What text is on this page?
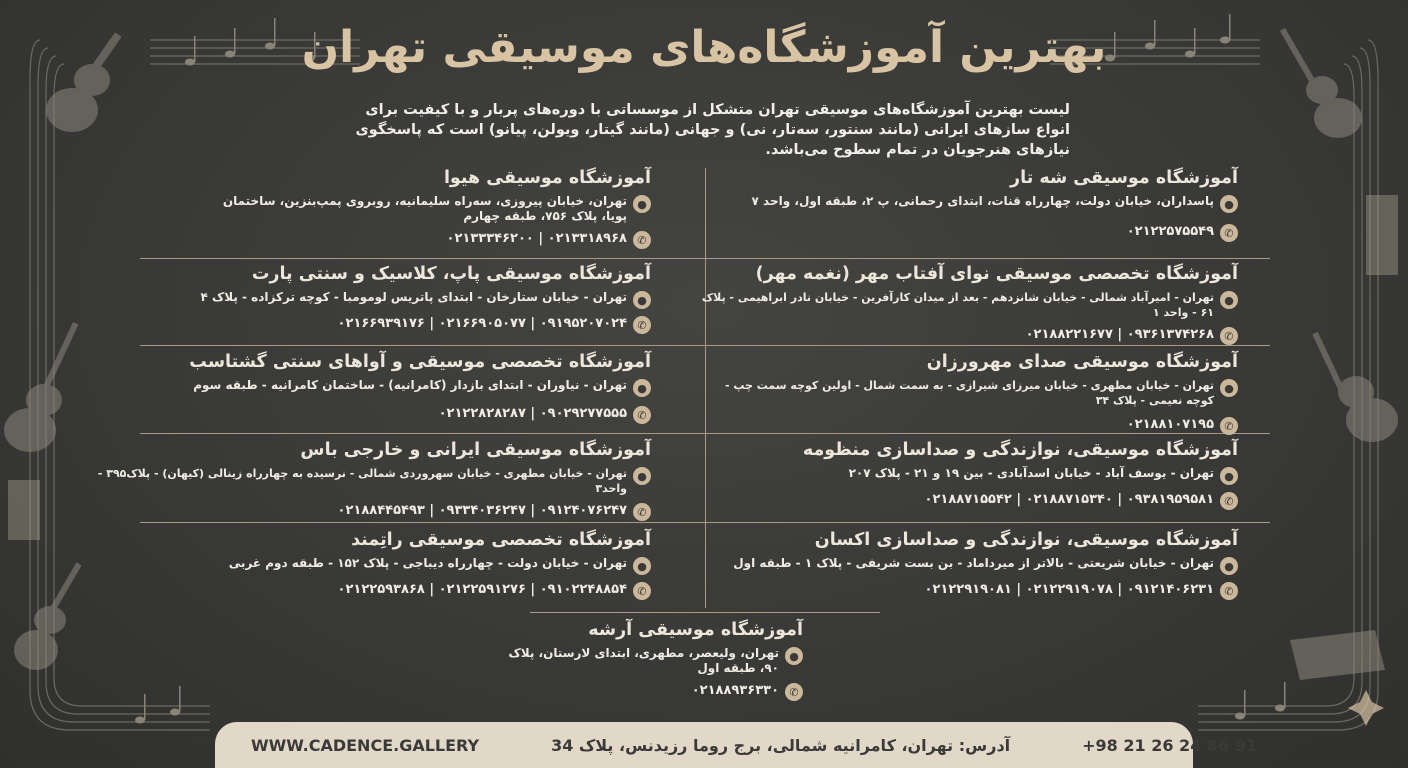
بهترین آموزشگاه‌های موسیقی تهران
لیست بهترین آموزشگاه‌های موسیقی تهران متشکل از موسساتی با دوره‌های پربار و با کیفیت برای انواع سازهای ایرانی (مانند سنتور، سه‌تار، نی) و جهانی (مانند گیتار، ویولن، پیانو) است که پاسخگوی نیازهای هنرجویان در تمام سطوح می‌باشد.
آموزشگاه موسیقی شه تار
●
پاسداران، خیابان دولت، چهارراه قنات، ابتدای رحمانی، پ ۲، طبقه اول، واحد ۷
✆
۰۲۱۲۲۵۷۵۵۴۹
آموزشگاه تخصصی موسیقی نوای آفتاب مهر (نغمه مهر)
●
تهران - امیرآباد شمالی - خیابان شانزدهم - بعد از میدان کارآفرین - خیابان نادر ابراهیمی - پلاک ۶۱ - واحد ۱
✆
۰۹۳۶۱۳۷۴۲۶۸ | ۰۲۱۸۸۲۲۱۶۷۷
آموزشگاه موسیقی صدای مهرورزان
●
تهران - خیابان مطهری - خیابان میرزای شیرازی - به سمت شمال - اولین کوچه سمت چپ - کوچه نعیمی - پلاک ۳۴
✆
۰۲۱۸۸۱۰۷۱۹۵
آموزشگاه موسیقی، نوازندگی و صداسازی منظومه
●
تهران - یوسف آباد - خیابان اسدآبادی - بین ۱۹ و ۲۱ - پلاک ۲۰۷
✆
۰۹۳۸۱۹۵۹۵۸۱ | ۰۲۱۸۸۷۱۵۳۴۰ | ۰۲۱۸۸۷۱۵۵۴۲
آموزشگاه موسیقی، نوازندگی و صداسازی اکسان
●
تهران - خیابان شریعتی - بالاتر از میرداماد - بن بست شریفی - پلاک ۱ - طبقه اول
✆
۰۹۱۲۱۴۰۶۲۳۱ | ۰۲۱۲۲۹۱۹۰۷۸ | ۰۲۱۲۲۹۱۹۰۸۱
آموزشگاه موسیقی هیوا
●
تهران، خیابان پیروزی، سه‌راه سلیمانیه، روبروی پمپ‌بنزین، ساختمان پویا، پلاک ۷۵۶، طبقه چهارم
✆
۰۲۱۳۳۱۸۹۶۸ | ۰۲۱۳۳۳۴۶۲۰۰
آموزشگاه موسیقی پاپ، کلاسیک و سنتی پارت
●
تهران - خیابان ستارخان - ابتدای پاتریس لومومبا - کوچه ترکزاده - پلاک ۴
✆
۰۹۱۹۵۲۰۷۰۲۴ | ۰۲۱۶۶۹۰۵۰۷۷ | ۰۲۱۶۶۹۳۹۱۷۶
آموزشگاه تخصصی موسیقی و آواهای سنتی گشتاسب
●
تهران - نیاوران - ابتدای بازدار (کامرانیه) - ساختمان کامرانیه - طبقه سوم
✆
۰۹۰۲۹۲۷۷۵۵۵ | ۰۲۱۲۲۸۲۸۲۸۷
آموزشگاه موسیقی ایرانی و خارجی باس
●
تهران - خیابان مطهری - خیابان سهروردی شمالی - نرسیده به چهارراه زینالی (کیهان) - پلاک۳۹۵ - واحد۳
✆
۰۹۱۲۴۰۷۶۲۴۷ | ۰۹۳۳۴۰۳۶۲۴۷ | ۰۲۱۸۸۴۴۵۴۹۳
آموزشگاه تخصصی موسیقی راتِمند
●
تهران - خیابان دولت - چهارراه دیباجی - پلاک ۱۵۲ - طبقه دوم غربی
✆
۰۹۱۰۲۲۴۸۸۵۴ | ۰۲۱۲۲۵۹۱۲۷۶ | ۰۲۱۲۲۵۹۳۸۶۸
آموزشگاه موسیقی آرشه
●
تهران، ولیعصر، مطهری، ابتدای لارستان، پلاک ۹۰، طبقه اول
✆
۰۲۱۸۸۹۳۶۳۳۰
WWW.CADENCE.GALLERY	آدرس: تهران، کامرانیه شمالی، برج روما رزیدنس، پلاک 34	+98 21 26 24 86 91
